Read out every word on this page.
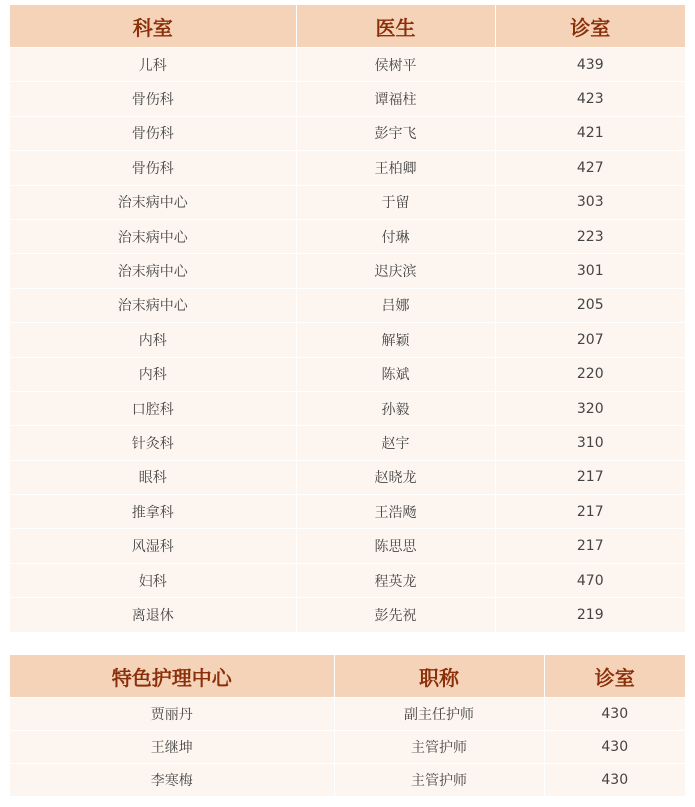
科室	医生	诊室
儿科	侯树平	439
骨伤科	谭福柱	423
骨伤科	彭宇飞	421
骨伤科	王柏卿	427
治末病中心	于留	303
治末病中心	付琳	223
治末病中心	迟庆滨	301
治末病中心	吕娜	205
内科	解颖	207
内科	陈斌	220
口腔科	孙毅	320
针灸科	赵宇	310
眼科	赵晓龙	217
推拿科	王浩飏	217
风湿科	陈思思	217
妇科	程英龙	470
离退休	彭先祝	219
特色护理中心	职称	诊室
贾丽丹	副主任护师	430
王继坤	主管护师	430
李寒梅	主管护师	430
